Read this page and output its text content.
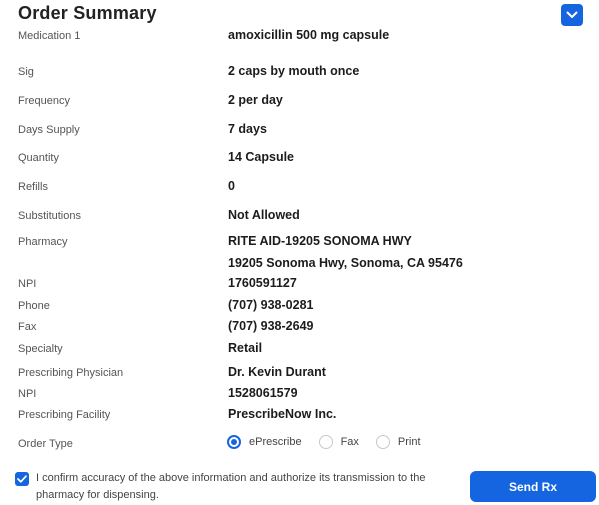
Order Summary
Medication 1	amoxicillin 500 mg capsule
Sig	2 caps by mouth once
Frequency	2 per day
Days Supply	7 days
Quantity	14 Capsule
Refills	0
Substitutions	Not Allowed
Pharmacy	RITE AID-19205 SONOMA HWY
19205 Sonoma Hwy, Sonoma, CA 95476
NPI	1760591127
Phone	(707) 938-0281
Fax	(707) 938-2649
Specialty	Retail
Prescribing Physician	Dr. Kevin Durant
NPI	1528061579
Prescribing Facility	PrescribeNow Inc.
Order Type	ePrescribe	Fax	Print
I confirm accuracy of the above information and authorize its transmission to the pharmacy for dispensing.
Send Rx
